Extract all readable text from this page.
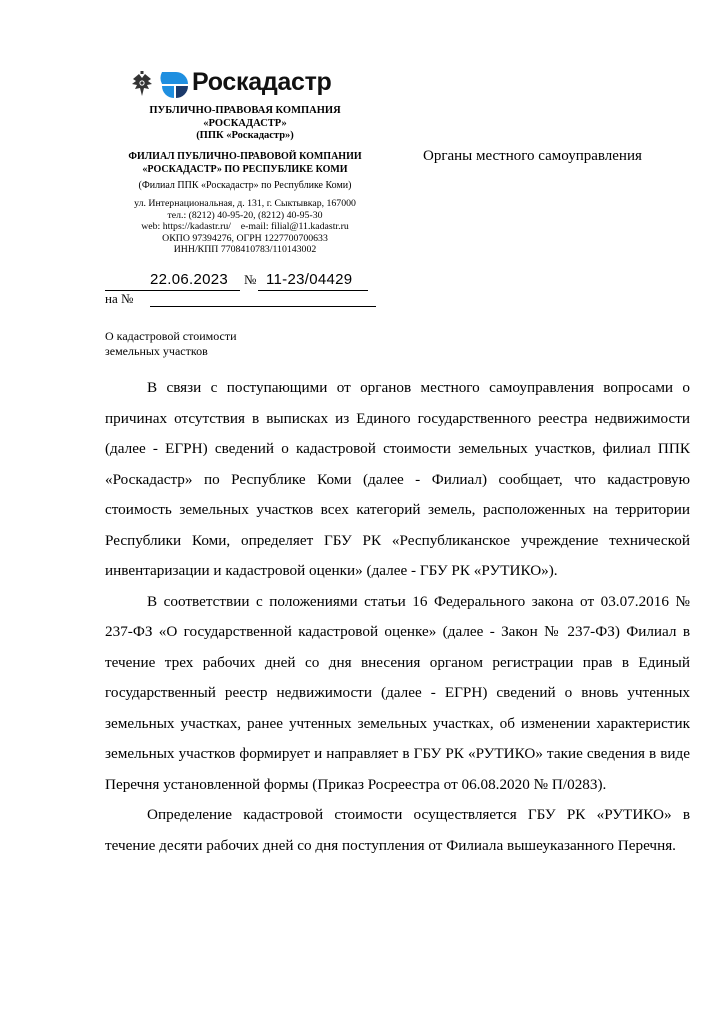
Роскадастр
ПУБЛИЧНО-ПРАВОВАЯ КОМПАНИЯ
«РОСКАДАСТР»
(ППК «Роскадастр»)
ФИЛИАЛ ПУБЛИЧНО-ПРАВОВОЙ КОМПАНИИ
«РОСКАДАСТР» ПО РЕСПУБЛИКЕ КОМИ
(Филиал ППК «Роскадастр» по Республике Коми)
ул. Интернациональная, д. 131, г. Сыктывкар, 167000
тел.: (8212) 40-95-20, (8212) 40-95-30
web: https://kadastr.ru/    e-mail: filial@11.kadastr.ru
ОКПО 97394276, ОГРН 1227700700633
ИНН/КПП 7708410783/110143002
Органы местного самоуправления
22.06.2023 № 11-23/04429
на №
О кадастровой стоимости
земельных участков

В связи с поступающими от органов местного самоуправления вопросами о причинах отсутствия в выписках из Единого государственного реестра недвижимости (далее - ЕГРН) сведений о кадастровой стоимости земельных участков, филиал ППК «Роскадастр» по Республике Коми (далее - Филиал) сообщает, что кадастровую стоимость земельных участков всех категорий земель, расположенных на территории Республики Коми, определяет ГБУ РК «Республиканское учреждение технической инвентаризации и кадастровой оценки» (далее - ГБУ РК «РУТИКО»).

В соответствии с положениями статьи 16 Федерального закона от 03.07.2016 № 237-ФЗ «О государственной кадастровой оценке» (далее - Закон № 237-ФЗ) Филиал в течение трех рабочих дней со дня внесения органом регистрации прав в Единый государственный реестр недвижимости (далее - ЕГРН) сведений о вновь учтенных земельных участках, ранее учтенных земельных участках, об изменении характеристик земельных участков формирует и направляет в ГБУ РК «РУТИКО» такие сведения в виде Перечня установленной формы (Приказ Росреестра от 06.08.2020 № П/0283).

Определение кадастровой стоимости осуществляется ГБУ РК «РУТИКО» в течение десяти рабочих дней со дня поступления от Филиала вышеуказанного Перечня.
